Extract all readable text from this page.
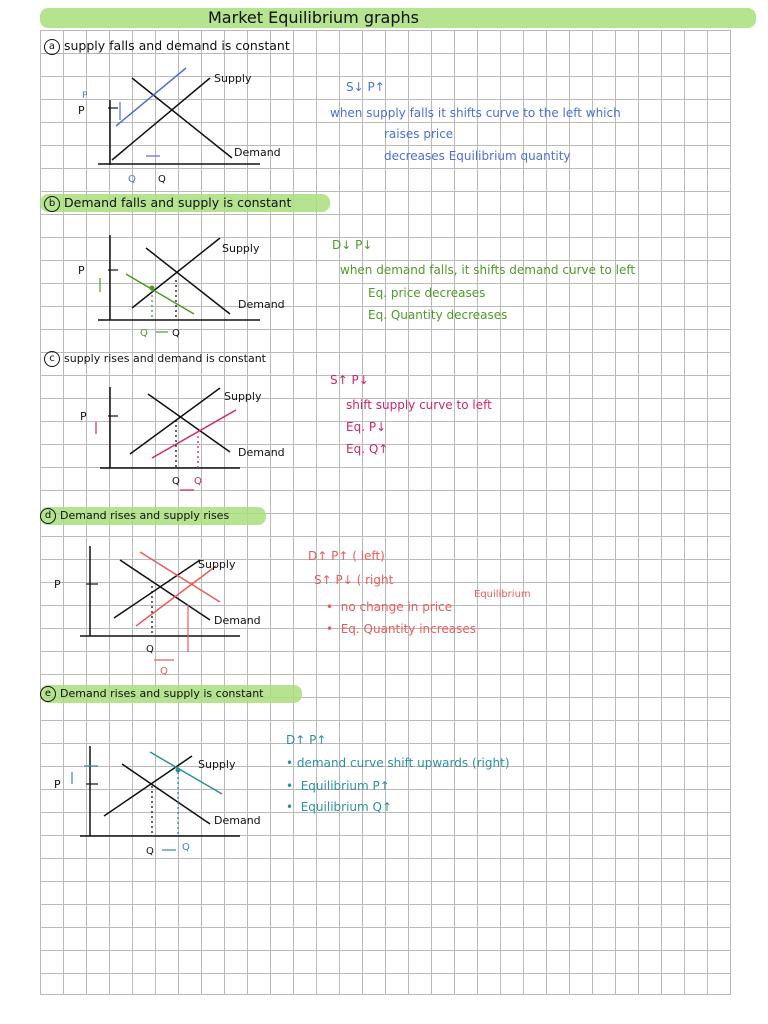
Market Equilibrium graphs
a supply falls and demand is constant
P
P
Supply
Demand
Q Q
S↓ P↑
when supply falls it shifts curve to the left which
raises price
decreases Equilibrium quantity
b Demand falls and supply is constant
P
Supply
Demand
Q Q
D↓ P↓
when demand falls, it shifts demand curve to left
Eq. price decreases
Eq. Quantity decreases
c supply rises and demand is constant
P
Supply
Demand
Q Q
S↑ P↓
shift supply curve to left
Eq. P↓
Eq. Q↑
d Demand rises and supply rises
P
Supply
Demand
Q
Q
D↑ P↑ ( left)
S↑ P↓ ( right
Equilibrium
•  no change in price
•  Eq. Quantity increases
e Demand rises and supply is constant
P
Supply
Demand
Q	Q
D↑ P↑
• demand curve shift upwards (right)
•  Equilibrium P↑
•  Equilibrium Q↑
